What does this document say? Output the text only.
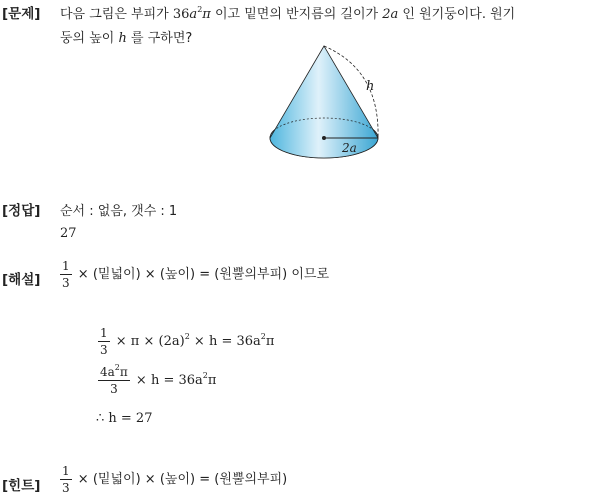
[문제] 다음 그림은 부피가 $36a^2\pi$ 이고 밑면의 반지름의 길이가 2a 인 원기둥이다. 원기
둥의 높이 h 를 구하면?
h
2a
[정답] 순서 : 없음, 갯수 : 1
27
[해설] $\frac{1}{3}$ × (밑넓이) × (높이) = (원뿔의부피) 이므로
$\frac{1}{3} \times \pi \times (2a)^2 \times h = 36a^2\pi$
$\frac{4a^2\pi}{3} \times h = 36a^2\pi$
∴ h = 27
[힌트] $\frac{1}{3}$ × (밑넓이) × (높이) = (원뿔의부피)
